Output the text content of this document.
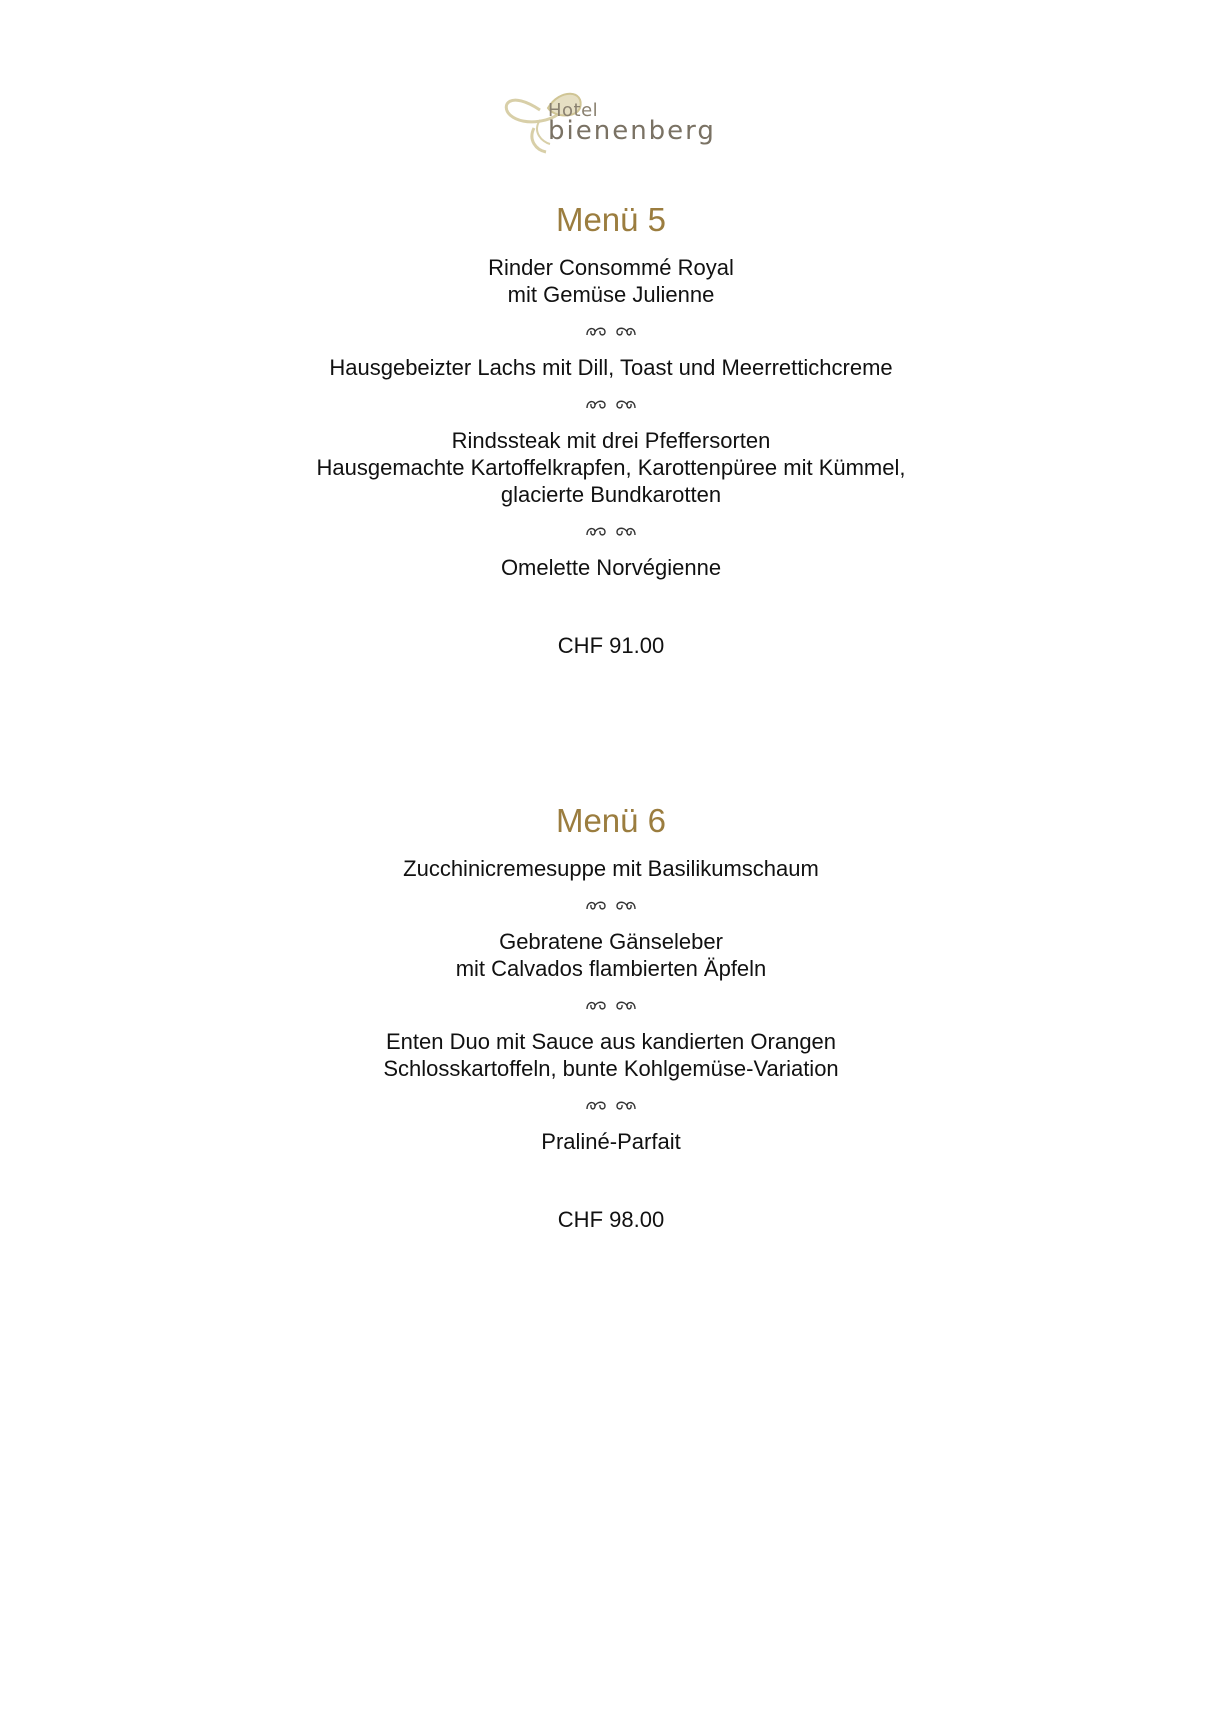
Hotel
bienenberg
Menü 5

Rinder Consommé Royal
mit Gemüse Julienne

Hausgebeizter Lachs mit Dill, Toast und Meerrettichcreme

Rindssteak mit drei Pfeffersorten
Hausgemachte Kartoffelkrapfen, Karottenpüree mit Kümmel,
glacierte Bundkarotten

Omelette Norvégienne

CHF 91.00
Menü 6

Zucchinicremesuppe mit Basilikumschaum

Gebratene Gänseleber
mit Calvados flambierten Äpfeln

Enten Duo mit Sauce aus kandierten Orangen
Schlosskartoffeln, bunte Kohlgemüse-Variation

Praliné-Parfait

CHF 98.00
